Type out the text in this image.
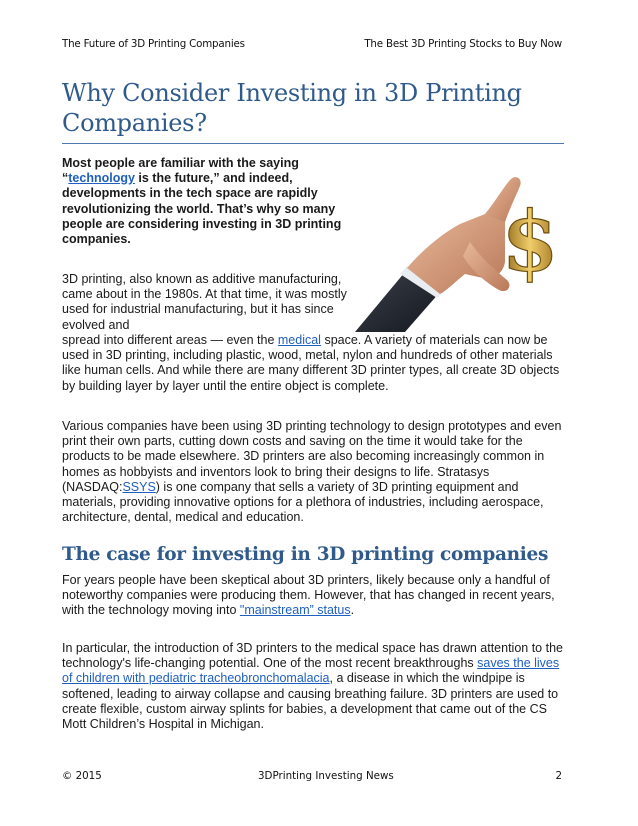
The Future of 3D Printing Companies	The Best 3D Printing Stocks to Buy Now
Why Consider Investing in 3D Printing Companies?
$

Most people are familiar with the saying “technology is the future,” and indeed, developments in the tech space are rapidly revolutionizing the world. That’s why so many people are considering investing in 3D printing companies.

3D printing, also known as additive manufacturing, came about in the 1980s. At that time, it was mostly used for industrial manufacturing, but it has since evolved and

spread into different areas — even the medical space. A variety of materials can now be used in 3D printing, including plastic, wood, metal, nylon and hundreds of other materials like human cells. And while there are many different 3D printer types, all create 3D objects by building layer by layer until the entire object is complete.

Various companies have been using 3D printing technology to design prototypes and even print their own parts, cutting down costs and saving on the time it would take for the products to be made elsewhere. 3D printers are also becoming increasingly common in homes as hobbyists and inventors look to bring their designs to life. Stratasys (NASDAQ:SSYS) is one company that sells a variety of 3D printing equipment and materials, providing innovative options for a plethora of industries, including aerospace, architecture, dental, medical and education.

The case for investing in 3D printing companies

For years people have been skeptical about 3D printers, likely because only a handful of noteworthy companies were producing them. However, that has changed in recent years, with the technology moving into "mainstream” status.

In particular, the introduction of 3D printers to the medical space has drawn attention to the technology's life-changing potential. One of the most recent breakthroughs saves the lives of children with pediatric tracheobronchomalacia, a disease in which the windpipe is softened, leading to airway collapse and causing breathing failure. 3D printers are used to create flexible, custom airway splints for babies, a development that came out of the CS Mott Children’s Hospital in Michigan.

© 2015	3DPrinting Investing News	2
